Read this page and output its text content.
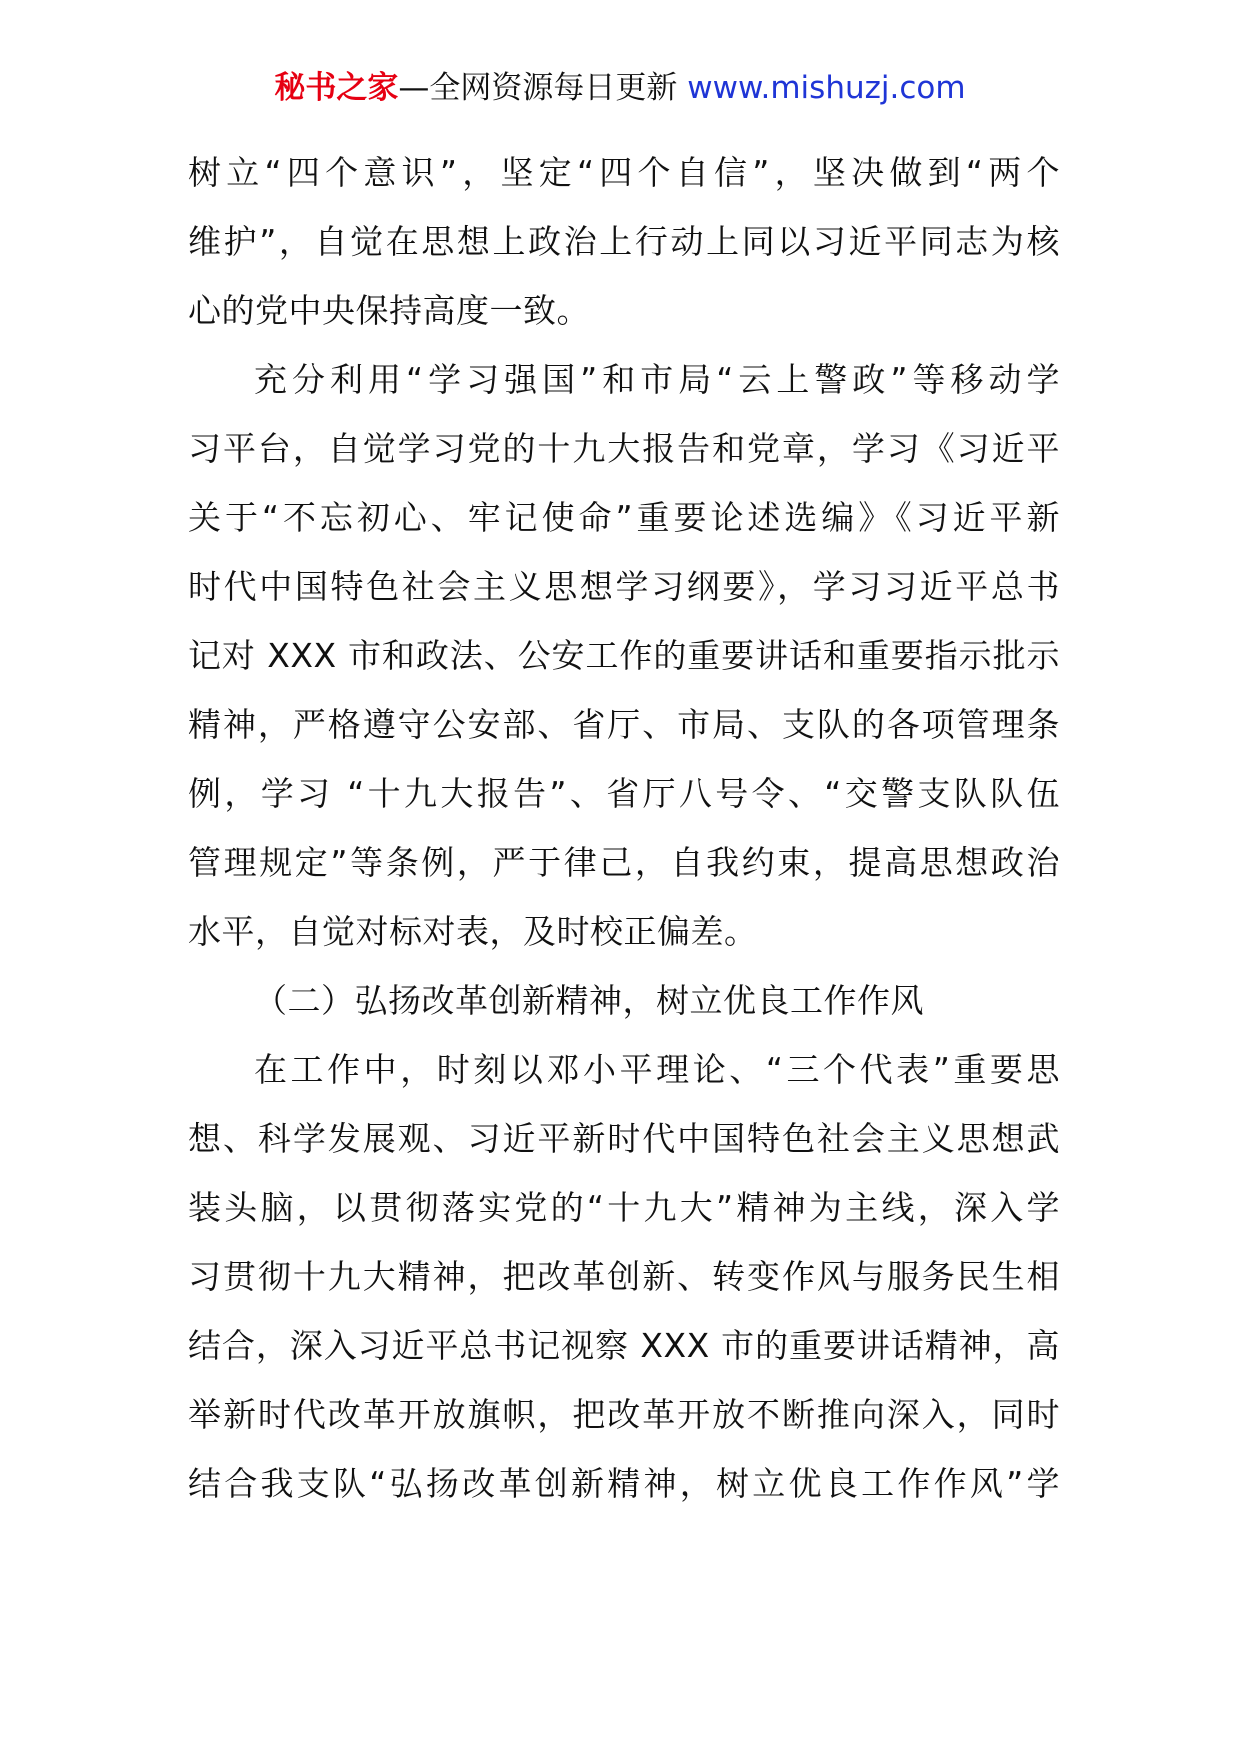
秘书之家—全网资源每日更新 www.mishuzj.com
树立“四个意识”，坚定“四个自信”，坚决做到“两个
维护”，自觉在思想上政治上行动上同以习近平同志为核
心的党中央保持高度一致。
充分利用“学习强国”和市局“云上警政”等移动学
习平台，自觉学习党的十九大报告和党章，学习《习近平
关于“不忘初心、牢记使命”重要论述选编》《习近平新
时代中国特色社会主义思想学习纲要》，学习习近平总书
记对 XXX 市和政法、公安工作的重要讲话和重要指示批示
精神，严格遵守公安部、省厅、市局、支队的各项管理条
例，学习 “十九大报告”、省厅八号令、“交警支队队伍
管理规定”等条例，严于律己，自我约束，提高思想政治
水平，自觉对标对表，及时校正偏差。
（二）弘扬改革创新精神，树立优良工作作风
在工作中，时刻以邓小平理论、“三个代表”重要思
想、科学发展观、习近平新时代中国特色社会主义思想武
装头脑，以贯彻落实党的“十九大”精神为主线，深入学
习贯彻十九大精神，把改革创新、转变作风与服务民生相
结合，深入习近平总书记视察 XXX 市的重要讲话精神，高
举新时代改革开放旗帜，把改革开放不断推向深入，同时
结合我支队“弘扬改革创新精神，树立优良工作作风”学
